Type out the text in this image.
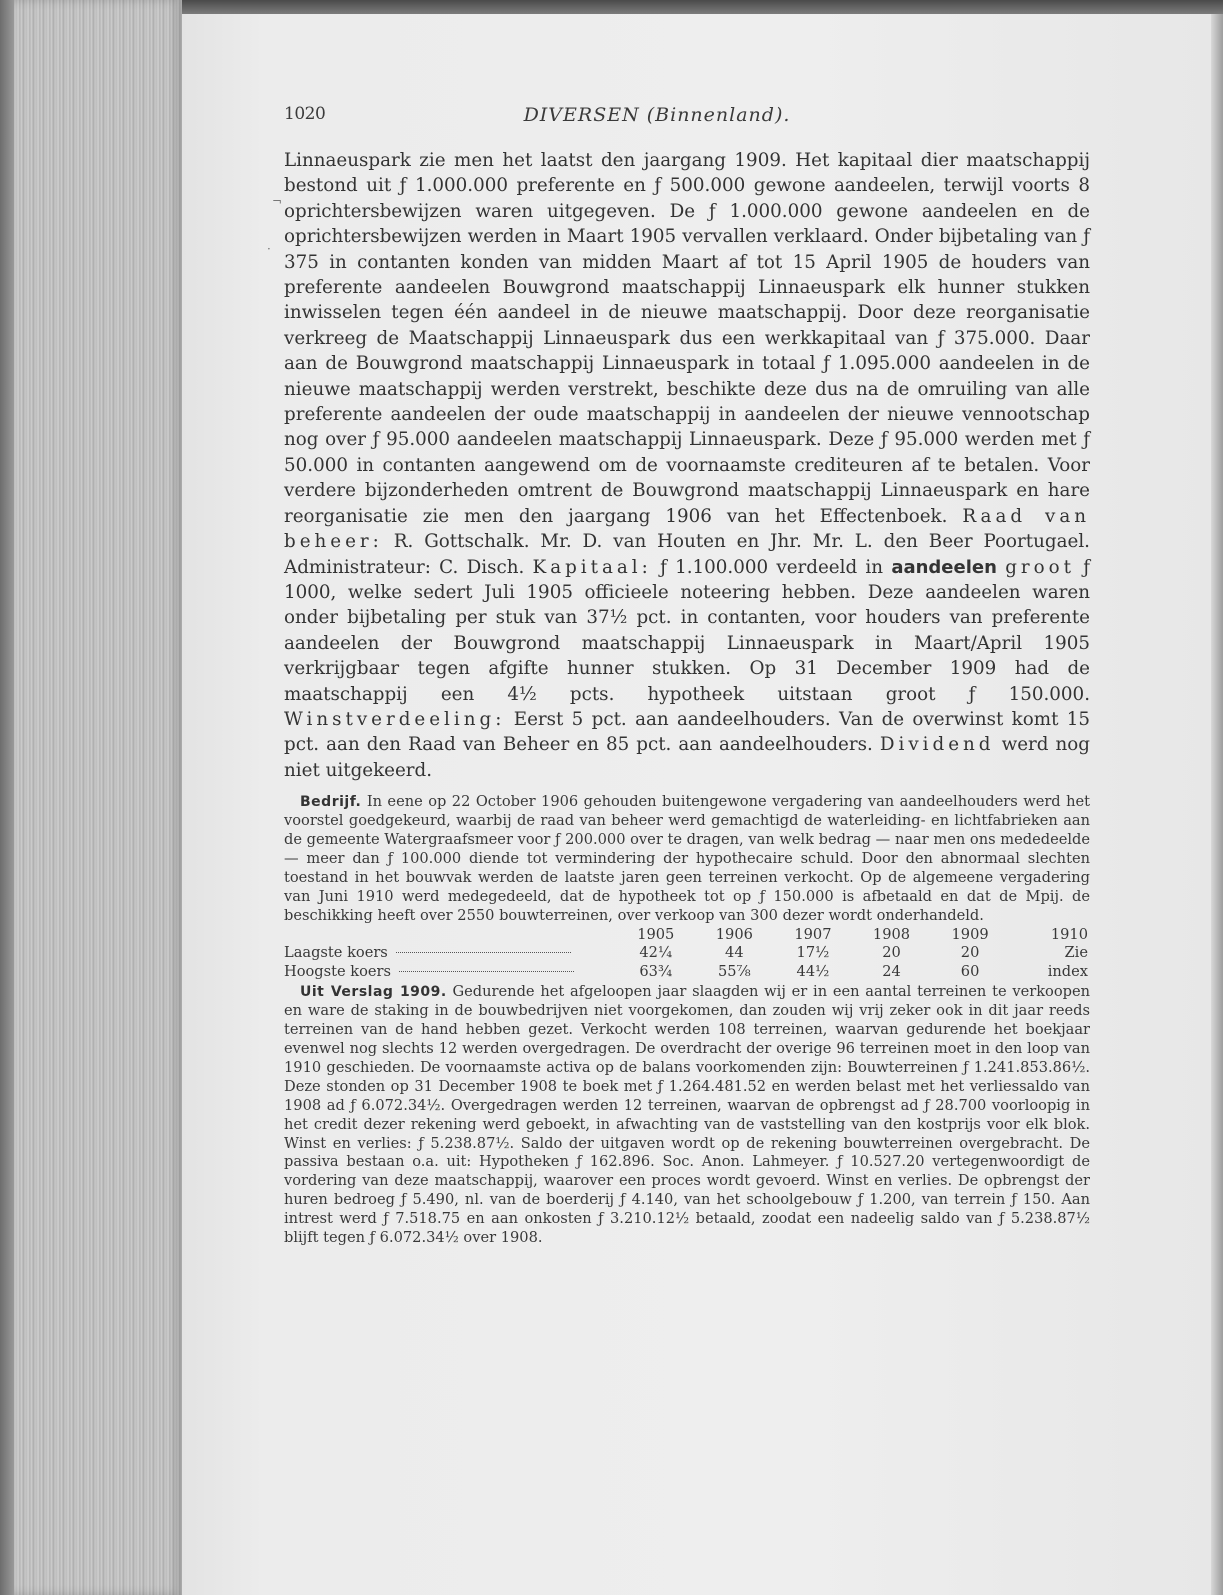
¬
·
1020	DIVERSEN (Binnenland).

Linnaeuspark zie men het laatst den jaargang 1909. Het kapitaal dier maatschappij bestond uit ƒ 1.000.000 preferente en ƒ 500.000 gewone aandeelen, terwijl voorts 8 oprichtersbewijzen waren uitgegeven. De ƒ 1.000.000 gewone aandeelen en de oprichtersbewijzen werden in Maart 1905 vervallen verklaard. Onder bijbetaling van ƒ 375 in contanten konden van midden Maart af tot 15 April 1905 de houders van preferente aandeelen Bouwgrond maatschappij Linnaeuspark elk hunner stukken inwisselen tegen één aandeel in de nieuwe maatschappij. Door deze reorganisatie verkreeg de Maatschappij Linnaeuspark dus een werkkapitaal van ƒ 375.000. Daar aan de Bouwgrond maatschappij Linnaeuspark in totaal ƒ 1.095.000 aandeelen in de nieuwe maatschappij werden verstrekt, beschikte deze dus na de omruiling van alle preferente aandeelen der oude maatschappij in aandeelen der nieuwe vennootschap nog over ƒ 95.000 aandeelen maatschappij Linnaeuspark. Deze ƒ 95.000 werden met ƒ 50.000 in contanten aangewend om de voornaamste crediteuren af te betalen. Voor verdere bijzonderheden omtrent de Bouwgrond maatschappij Linnaeuspark en hare reorganisatie zie men den jaargang 1906 van het Effectenboek. Raad van beheer: R. Gottschalk. Mr. D. van Houten en Jhr. Mr. L. den Beer Poortugael. Administrateur: C. Disch. Kapitaal: ƒ 1.100.000 verdeeld in aandeelen groot ƒ 1000, welke sedert Juli 1905 officieele noteering hebben. Deze aandeelen waren onder bijbetaling per stuk van 37½ pct. in contanten, voor houders van preferente aandeelen der Bouwgrond maatschappij Linnaeuspark in Maart/April 1905 verkrijgbaar tegen afgifte hunner stukken. Op 31 December 1909 had de maatschappij een 4½ pcts. hypotheek uitstaan groot ƒ 150.000. Winstverdeeling: Eerst 5 pct. aan aandeelhouders. Van de overwinst komt 15 pct. aan den Raad van Beheer en 85 pct. aan aandeelhouders. Dividend werd nog niet uitgekeerd.

Bedrijf. In eene op 22 October 1906 gehouden buitengewone vergadering van aandeelhouders werd het voorstel goedgekeurd, waarbij de raad van beheer werd gemachtigd de waterleiding- en lichtfabrieken aan de gemeente Watergraafsmeer voor ƒ 200.000 over te dragen, van welk bedrag — naar men ons mededeelde — meer dan ƒ 100.000 diende tot vermindering der hypothecaire schuld. Door den abnormaal slechten toestand in het bouwvak werden de laatste jaren geen terreinen verkocht. Op de algemeene vergadering van Juni 1910 werd medegedeeld, dat de hypotheek tot op ƒ 150.000 is afbetaald en dat de Mpij. de beschikking heeft over 2550 bouwterreinen, over verkoop van 300 dezer wordt onderhandeld.

	1905	1906	1907	1908	1909	1910
Laagste koers	42¼	44	17½	20	20	Zie
Hoogste koers	63¾	55⅞	44½	24	60	index

Uit Verslag 1909. Gedurende het afgeloopen jaar slaagden wij er in een aantal terreinen te verkoopen en ware de staking in de bouwbedrijven niet voorgekomen, dan zouden wij vrij zeker ook in dit jaar reeds terreinen van de hand hebben gezet. Verkocht werden 108 terreinen, waarvan gedurende het boekjaar evenwel nog slechts 12 werden overgedragen. De overdracht der overige 96 terreinen moet in den loop van 1910 geschieden. De voornaamste activa op de balans voorkomenden zijn: Bouwterreinen ƒ 1.241.853.86½. Deze stonden op 31 December 1908 te boek met ƒ 1.264.481.52 en werden belast met het verliessaldo van 1908 ad ƒ 6.072.34½. Overgedragen werden 12 terreinen, waarvan de opbrengst ad ƒ 28.700 voorloopig in het credit dezer rekening werd geboekt, in afwachting van de vaststelling van den kostprijs voor elk blok. Winst en verlies: ƒ 5.238.87½. Saldo der uitgaven wordt op de rekening bouwterreinen overgebracht. De passiva bestaan o.a. uit: Hypotheken ƒ 162.896. Soc. Anon. Lahmeyer. ƒ 10.527.20 vertegenwoordigt de vordering van deze maatschappij, waarover een proces wordt gevoerd. Winst en verlies. De opbrengst der huren bedroeg ƒ 5.490, nl. van de boerderij ƒ 4.140, van het schoolgebouw ƒ 1.200, van terrein ƒ 150. Aan intrest werd ƒ 7.518.75 en aan onkosten ƒ 3.210.12½ betaald, zoodat een nadeelig saldo van ƒ 5.238.87½ blijft tegen ƒ 6.072.34½ over 1908.
